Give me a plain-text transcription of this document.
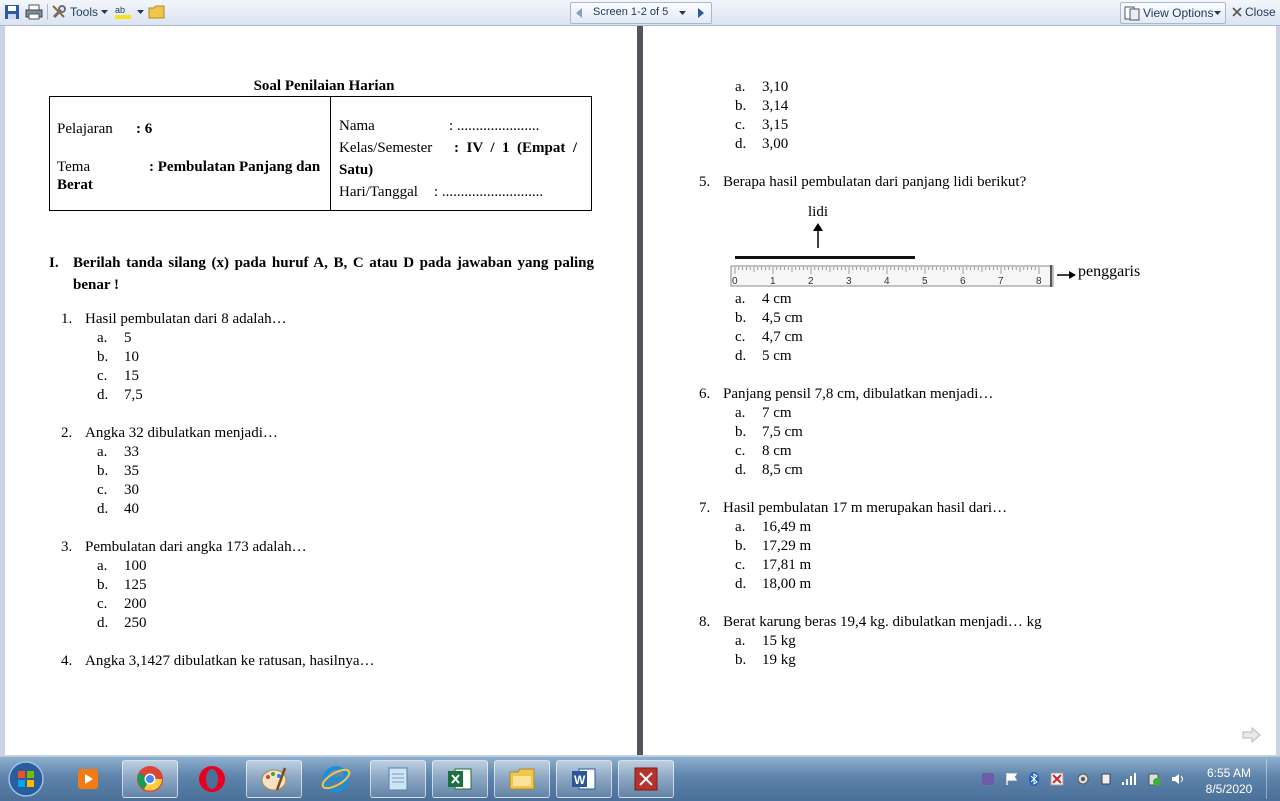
Tools ab	Screen 1-2 of 5	View Options	Close
Soal Penilaian Harian
Pelajaran : 6
Tema	: Pembulatan Panjang dan
Berat

Nama	: ......................
Kelas/Semester :  IV  /  1  (Empat  /
Satu)
Hari/Tanggal : ...........................
I. Berilah tanda silang (x) pada huruf A, B, C atau D pada jawaban yang paling benar !
1. Hasil pembulatan dari 8 adalah…
a. 5
b. 10
c. 15
d. 7,5
2. Angka 32 dibulatkan menjadi…
a. 33
b. 35
c. 30
d. 40
3. Pembulatan dari angka 173 adalah…
a. 100
b. 125
c. 200
d. 250
4. Angka 3,1427 dibulatkan ke ratusan, hasilnya…
a. 3,10
b. 3,14
c. 3,15
d. 3,00
5. Berapa hasil pembulatan dari panjang lidi berikut?
a. 4 cm
b. 4,5 cm
c. 4,7 cm
d. 5 cm
lidi
0	1	2	3	4	5	6	7	8
penggaris
6. Panjang pensil 7,8 cm, dibulatkan menjadi…
a. 7 cm
b. 7,5 cm
c. 8 cm
d. 8,5 cm
7. Hasil pembulatan 17 m merupakan hasil dari…
a. 16,49 m
b. 17,29 m
c. 17,81 m
d. 18,00 m
8. Berat karung beras 19,4 kg. dibulatkan menjadi… kg
a. 15 kg
b. 19 kg
W	6:55 AM
8/5/2020
